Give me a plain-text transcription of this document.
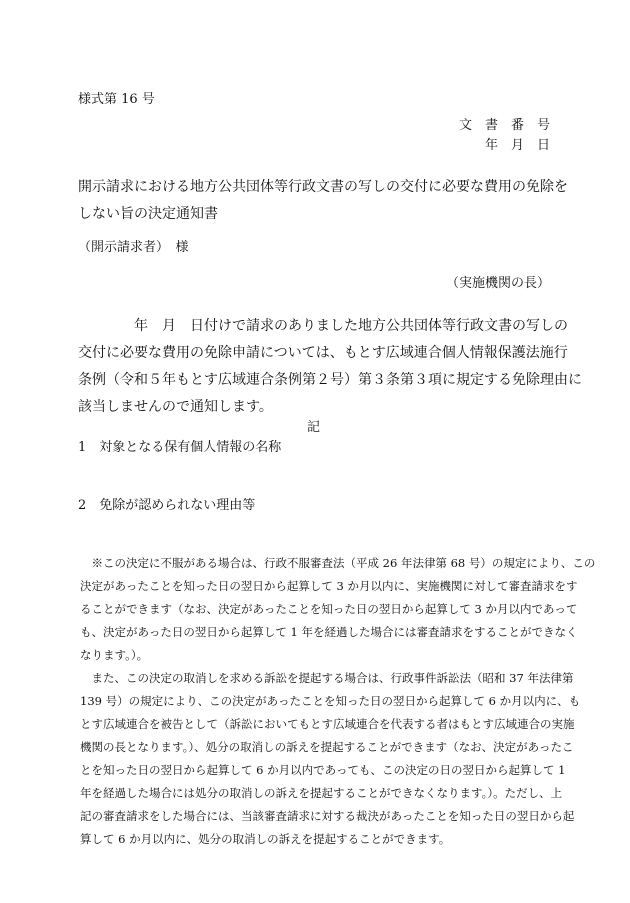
様式第 16 号
文　書　番　号
年　月　日
開示請求における地方公共団体等行政文書の写しの交付に必要な費用の免除を
しない旨の決定通知書
（開示請求者）　様
（実施機関の長）
　　　　年　月　日付けで請求のありました地方公共団体等行政文書の写しの
交付に必要な費用の免除申請については、もとす広域連合個人情報保護法施行
条例（令和５年もとす広域連合条例第２号）第３条第３項に規定する免除理由に
該当しませんので通知します。
記
1　対象となる保有個人情報の名称
2　免除が認められない理由等
　※この決定に不服がある場合は、行政不服審査法（平成 26 年法律第 68 号）の規定により、この
決定があったことを知った日の翌日から起算して 3 か月以内に、実施機関に対して審査請求をす
ることができます（なお、決定があったことを知った日の翌日から起算して 3 か月以内であって
も、決定があった日の翌日から起算して 1 年を経過した場合には審査請求をすることができなく
なります。）。
　また、この決定の取消しを求める訴訟を提起する場合は、行政事件訴訟法（昭和 37 年法律第
139 号）の規定により、この決定があったことを知った日の翌日から起算して 6 か月以内に、も
とす広域連合を被告として（訴訟においてもとす広域連合を代表する者はもとす広域連合の実施
機関の長となります。）、処分の取消しの訴えを提起することができます（なお、決定があったこ
とを知った日の翌日から起算して 6 か月以内であっても、この決定の日の翌日から起算して 1
年を経過した場合には処分の取消しの訴えを提起することができなくなります。）。ただし、上
記の審査請求をした場合には、当該審査請求に対する裁決があったことを知った日の翌日から起
算して 6 か月以内に、処分の取消しの訴えを提起することができます。
